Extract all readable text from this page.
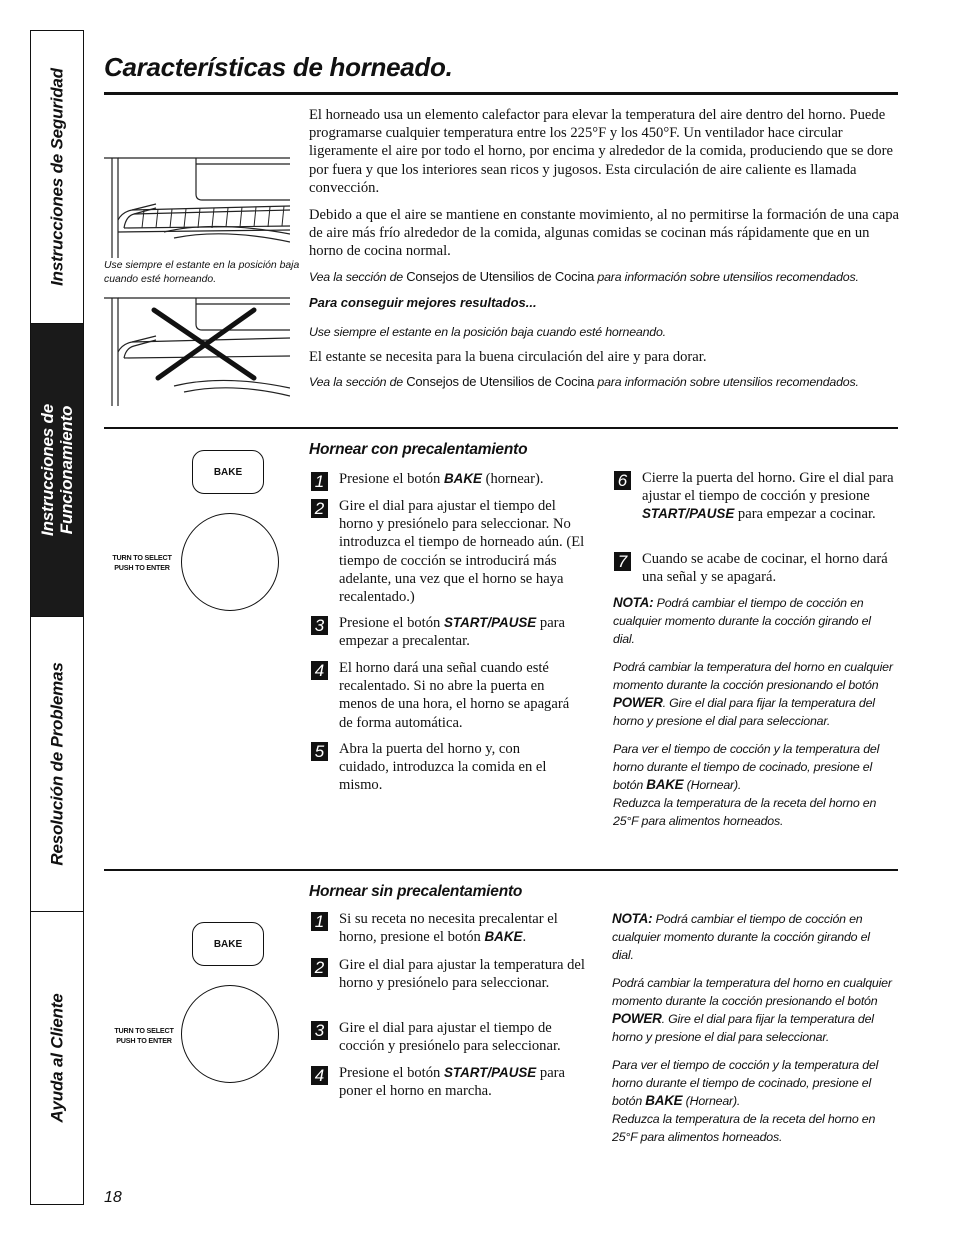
Instrucciones de Seguridad
Instrucciones de Funcionamiento
Resolución de Problemas
Ayuda al Cliente
Características de horneado.
Use siempre el estante en la posición baja cuando esté horneando.

El horneado usa un elemento calefactor para elevar la temperatura del aire dentro del horno. Puede programarse cualquier temperatura entre los 225°F y los 450°F. Un ventilador hace circular ligeramente el aire por todo el horno, por encima y alrededor de la comida, produciendo que se dore por fuera y que los interiores sean ricos y jugosos. Esta circulación de aire caliente es llamada convección.

Debido a que el aire se mantiene en constante movimiento, al no permitirse la formación de una capa de aire más frío alrededor de la comida, algunas comidas se cocinan más rápidamente que en un horno de cocina normal.

Vea la sección de Consejos de Utensilios de Cocina para información sobre utensilios recomendados.

Para conseguir mejores resultados...

Use siempre el estante en la posición baja cuando esté horneando.

El estante se necesita para la buena circulación del aire y para dorar.

Vea la sección de Consejos de Utensilios de Cocina para información sobre utensilios recomendados.

BAKE
TURN TO SELECT
PUSH TO ENTER
Hornear con precalentamiento
1 Presione el botón BAKE (hornear).

2 Gire el dial para ajustar el tiempo del horno y presiónelo para seleccionar. No introduzca el tiempo de horneado aún. (El tiempo de cocción se introducirá más adelante, una vez que el horno se haya recalentado.)

3 Presione el botón START/PAUSE para empezar a precalentar.

4 El horno dará una señal cuando esté recalentado. Si no abre la puerta en menos de una hora, el horno se apagará de forma automática.

5 Abra la puerta del horno y, con cuidado, introduzca la comida en el mismo.

6 Cierre la puerta del horno. Gire el dial para ajustar el tiempo de cocción y presione START/PAUSE para empezar a cocinar.

7 Cuando se acabe de cocinar, el horno dará una señal y se apagará.

NOTA: Podrá cambiar el tiempo de cocción en cualquier momento durante la cocción girando el dial.

Podrá cambiar la temperatura del horno en cualquier momento durante la cocción presionando el botón POWER. Gire el dial para fijar la temperatura del horno y presione el dial para seleccionar.

Para ver el tiempo de cocción y la temperatura del horno durante el tiempo de cocinado, presione el botón BAKE (Hornear).

Reduzca la temperatura de la receta del horno en 25°F para alimentos horneados.

BAKE
TURN TO SELECT
PUSH TO ENTER
Hornear sin precalentamiento
1 Si su receta no necesita precalentar el horno, presione el botón BAKE.

2 Gire el dial para ajustar la temperatura del horno y presiónelo para seleccionar.

3 Gire el dial para ajustar el tiempo de cocción y presiónelo para seleccionar.

4 Presione el botón START/PAUSE para poner el horno en marcha.

NOTA: Podrá cambiar el tiempo de cocción en cualquier momento durante la cocción girando el dial.

Podrá cambiar la temperatura del horno en cualquier momento durante la cocción presionando el botón POWER. Gire el dial para fijar la temperatura del horno y presione el dial para seleccionar.

Para ver el tiempo de cocción y la temperatura del horno durante el tiempo de cocinado, presione el botón BAKE (Hornear).

Reduzca la temperatura de la receta del horno en 25°F para alimentos horneados.

18
